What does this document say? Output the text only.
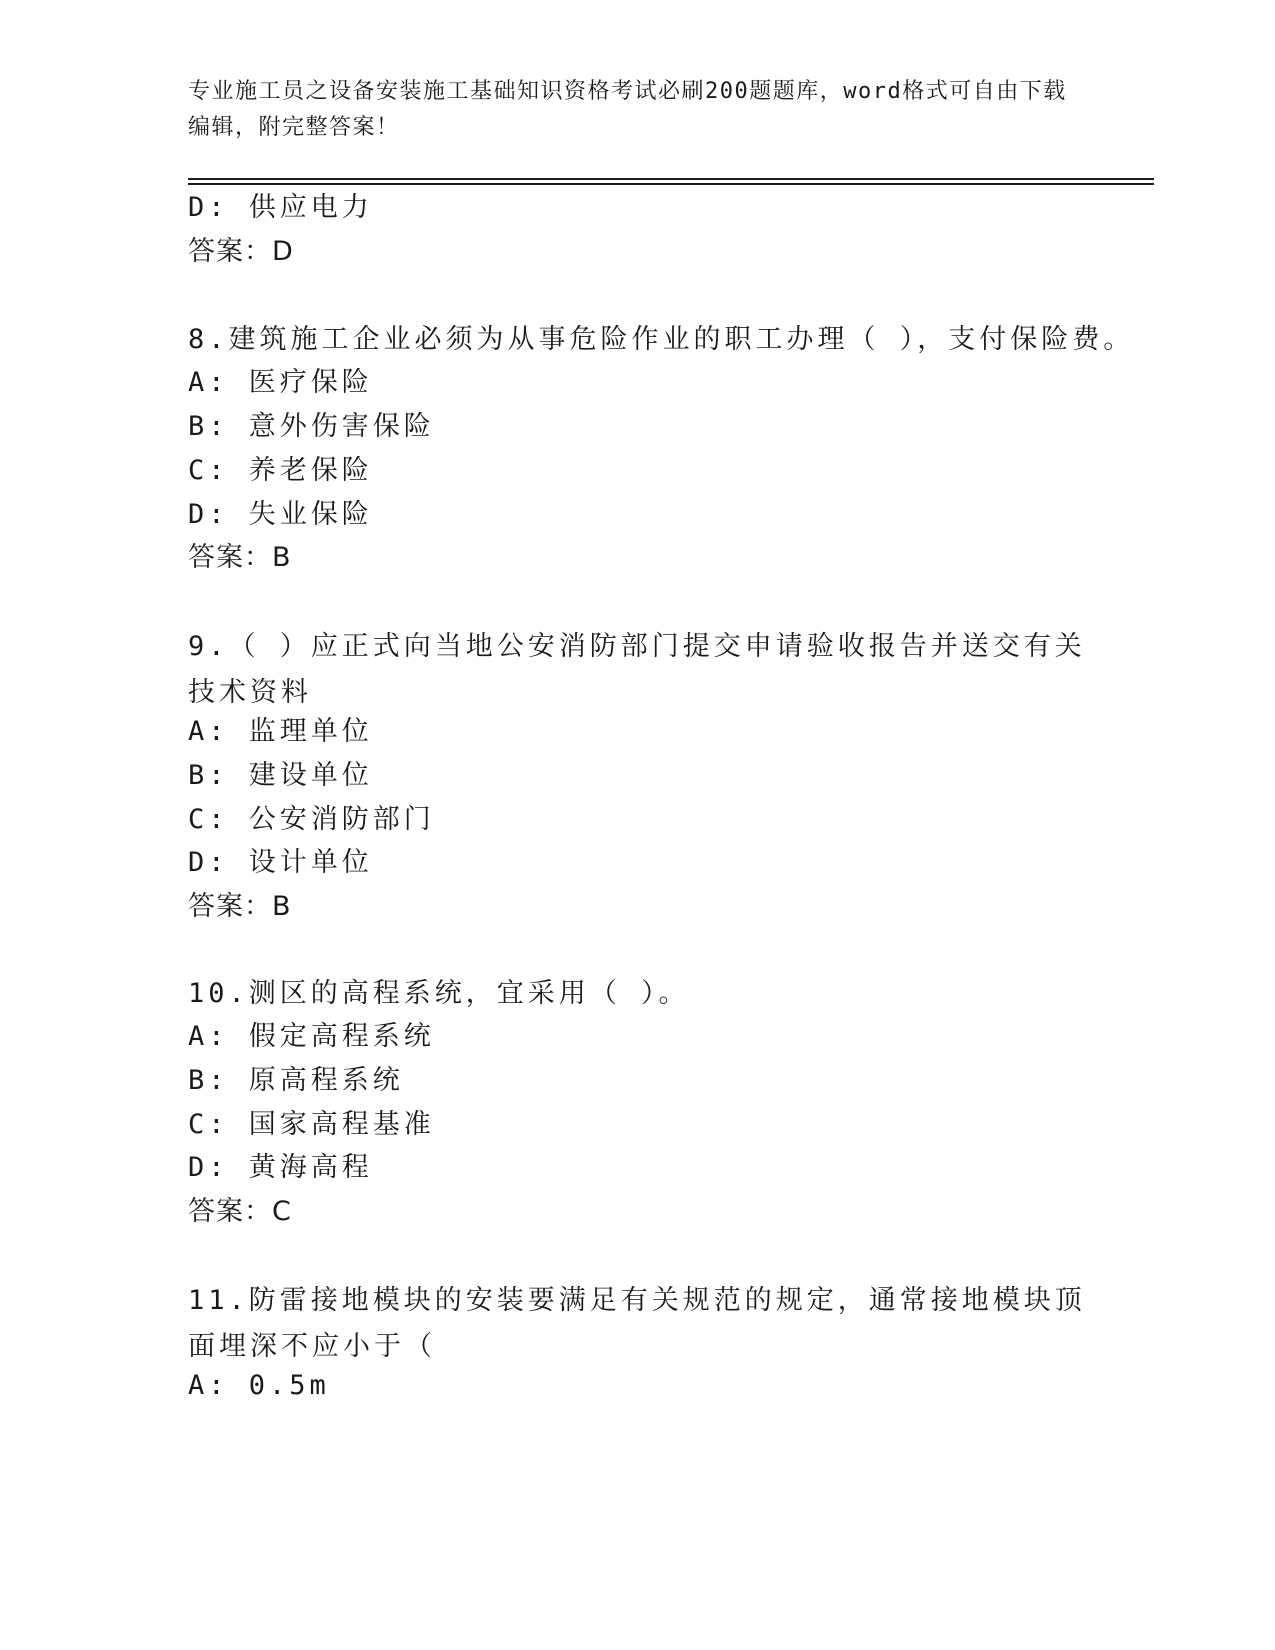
专业施工员之设备安装施工基础知识资格考试必刷200题题库，word格式可自由下载编辑，附完整答案！
D: 供应电力
答案：D
8.建筑施工企业必须为从事危险作业的职工办理（ ），支付保险费。
A: 医疗保险
B: 意外伤害保险
C: 养老保险
D: 失业保险
答案：B
9.（ ）应正式向当地公安消防部门提交申请验收报告并送交有关技术资料
A: 监理单位
B: 建设单位
C: 公安消防部门
D: 设计单位
答案：B
10.测区的高程系统，宜采用（ ）。
A: 假定高程系统
B: 原高程系统
C: 国家高程基准
D: 黄海高程
答案：C
11.防雷接地模块的安装要满足有关规范的规定，通常接地模块顶面埋深不应小于（
A: 0.5m
